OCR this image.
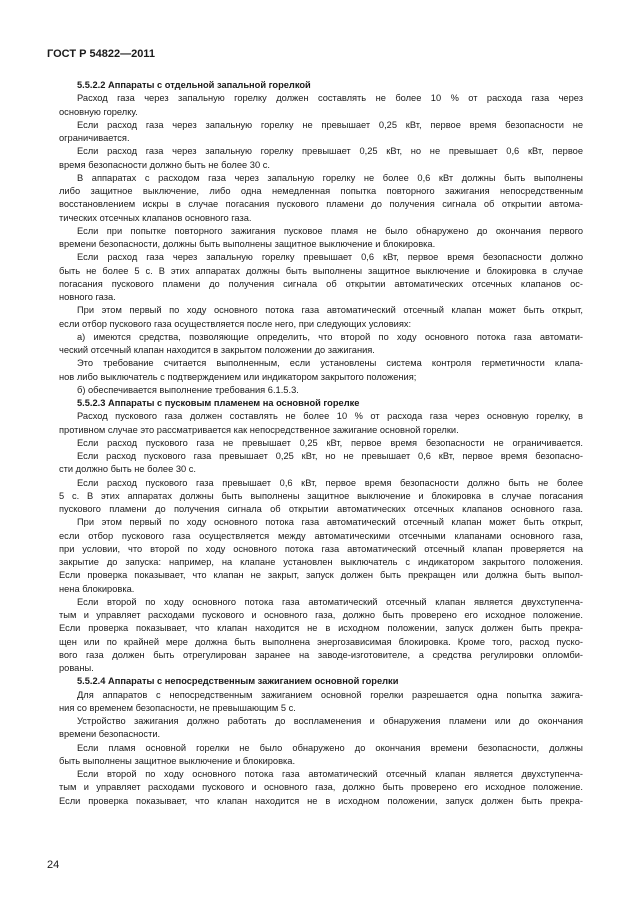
ГОСТ Р 54822—2011
5.5.2.2 Аппараты с отдельной запальной горелкой
Расход газа через запальную горелку должен составлять не более 10 % от расхода газа через
основную горелку.
Если расход газа через запальную горелку не превышает 0,25 кВт, первое время безопасности не
ограничивается.
Если расход газа через запальную горелку превышает 0,25 кВт, но не превышает 0,6 кВт, первое
время безопасности должно быть не более 30 с.
В аппаратах с расходом газа через запальную горелку не более 0,6 кВт должны быть выполнены
либо защитное выключение, либо одна немедленная попытка повторного зажигания непосредственным
восстановлением искры в случае погасания пускового пламени до получения сигнала об открытии автома-
тических отсечных клапанов основного газа.
Если при попытке повторного зажигания пусковое пламя не было обнаружено до окончания первого
времени безопасности, должны быть выполнены защитное выключение и блокировка.
Если расход газа через запальную горелку превышает 0,6 кВт, первое время безопасности должно
быть не более 5 с. В этих аппаратах должны быть выполнены защитное выключение и блокировка в случае
погасания пускового пламени до получения сигнала об открытии автоматических отсечных клапанов ос-
новного газа.
При этом первый по ходу основного потока газа автоматический отсечный клапан может быть открыт,
если отбор пускового газа осуществляется после него, при следующих условиях:
а) имеются средства, позволяющие определить, что второй по ходу основного потока газа автомати-
ческий отсечный клапан находится в закрытом положении до зажигания.
Это требование считается выполненным, если установлены система контроля герметичности клапа-
нов либо выключатель с подтверждением или индикатором закрытого положения;
б) обеспечивается выполнение требования 6.1.5.3.
5.5.2.3 Аппараты с пусковым пламенем на основной горелке
Расход пускового газа должен составлять не более 10 % от расхода газа через основную горелку, в
противном случае это рассматривается как непосредственное зажигание основной горелки.
Если расход пускового газа не превышает 0,25 кВт, первое время безопасности не ограничивается.
Если расход пускового газа превышает 0,25 кВт, но не превышает 0,6 кВт, первое время безопасно-
сти должно быть не более 30 с.
Если расход пускового газа превышает 0,6 кВт, первое время безопасности должно быть не более
5 с. В этих аппаратах должны быть выполнены защитное выключение и блокировка в случае погасания
пускового пламени до получения сигнала об открытии автоматических отсечных клапанов основного газа.
При этом первый по ходу основного потока газа автоматический отсечный клапан может быть открыт,
если отбор пускового газа осуществляется между автоматическими отсечными клапанами основного газа,
при условии, что второй по ходу основного потока газа автоматический отсечный клапан проверяется на
закрытие до запуска: например, на клапане установлен выключатель с индикатором закрытого положения.
Если проверка показывает, что клапан не закрыт, запуск должен быть прекращен или должна быть выпол-
нена блокировка.
Если второй по ходу основного потока газа автоматический отсечный клапан является двухступенча-
тым и управляет расходами пускового и основного газа, должно быть проверено его исходное положение.
Если проверка показывает, что клапан находится не в исходном положении, запуск должен быть прекра-
щен или по крайней мере должна быть выполнена энергозависимая блокировка. Кроме того, расход пуско-
вого газа должен быть отрегулирован заранее на заводе-изготовителе, а средства регулировки опломби-
рованы.
5.5.2.4 Аппараты с непосредственным зажиганием основной горелки
Для аппаратов с непосредственным зажиганием основной горелки разрешается одна попытка зажига-
ния со временем безопасности, не превышающим 5 с.
Устройство зажигания должно работать до воспламенения и обнаружения пламени или до окончания
времени безопасности.
Если пламя основной горелки не было обнаружено до окончания времени безопасности, должны
быть выполнены защитное выключение и блокировка.
Если второй по ходу основного потока газа автоматический отсечный клапан является двухступенча-
тым и управляет расходами пускового и основного газа, должно быть проверено его исходное положение.
Если проверка показывает, что клапан находится не в исходном положении, запуск должен быть прекра-
24
